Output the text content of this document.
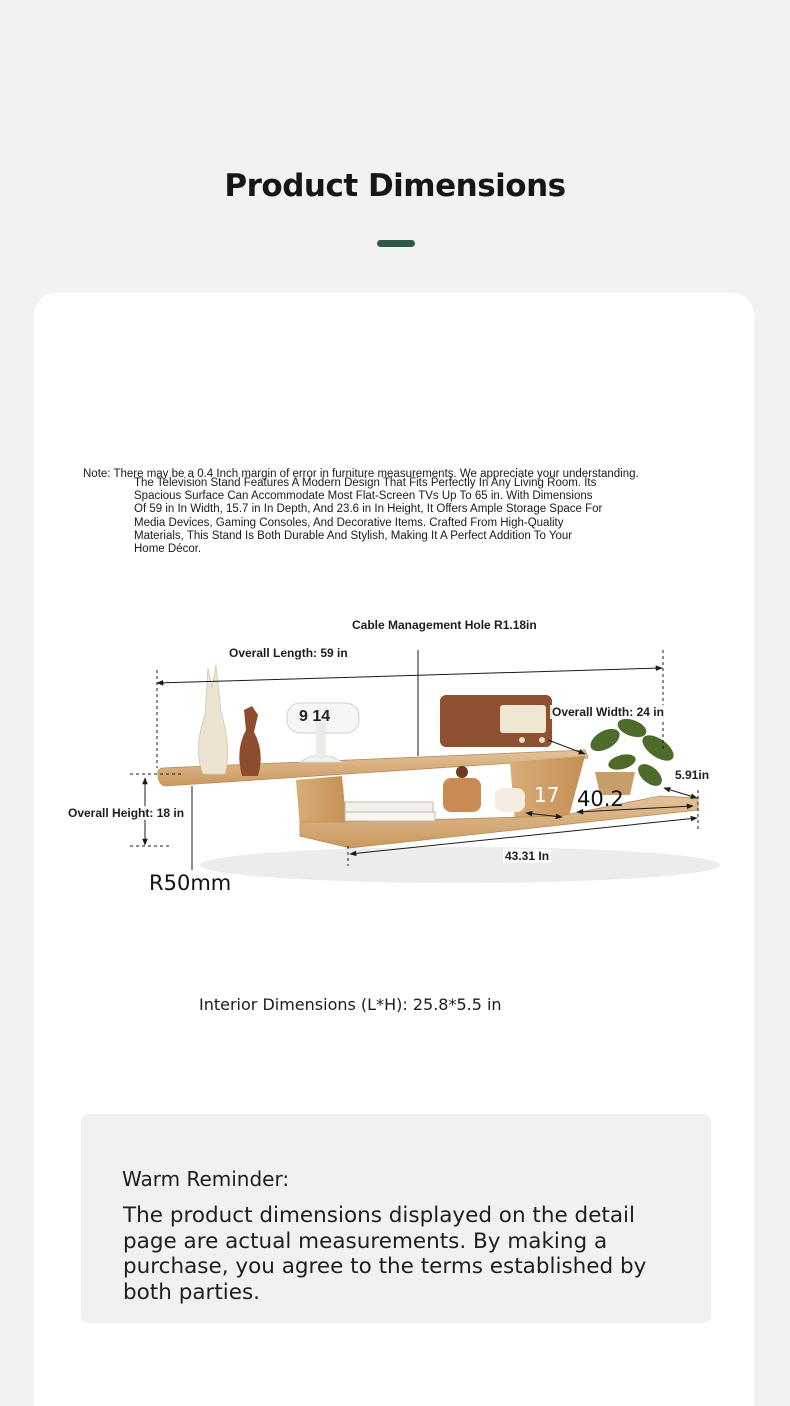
Product Dimensions
Note: There may be a 0.4 Inch margin of error in furniture measurements. We appreciate your understanding.
The Television Stand Features A Modern Design That Fits Perfectly In Any Living Room. Its Spacious Surface Can Accommodate Most Flat-Screen TVs Up To 65 in. With Dimensions Of 59 in In Width, 15.7 in In Depth, And 23.6 in In Height, It Offers Ample Storage Space For Media Devices, Gaming Consoles, And Decorative Items. Crafted From High-Quality Materials, This Stand Is Both Durable And Stylish, Making It A Perfect Addition To Your Home Décor.
9 14
Cable Management Hole R1.18in
Overall Length: 59 in
Overall Width: 24 in
Overall Height: 18 in
5.91in
43.31 In
R50mm
17 40.2
Interior Dimensions (L*H): 25.8*5.5 in
Warm Reminder:
The product dimensions displayed on the detail page are actual measurements. By making a purchase, you agree to the terms established by both parties.
